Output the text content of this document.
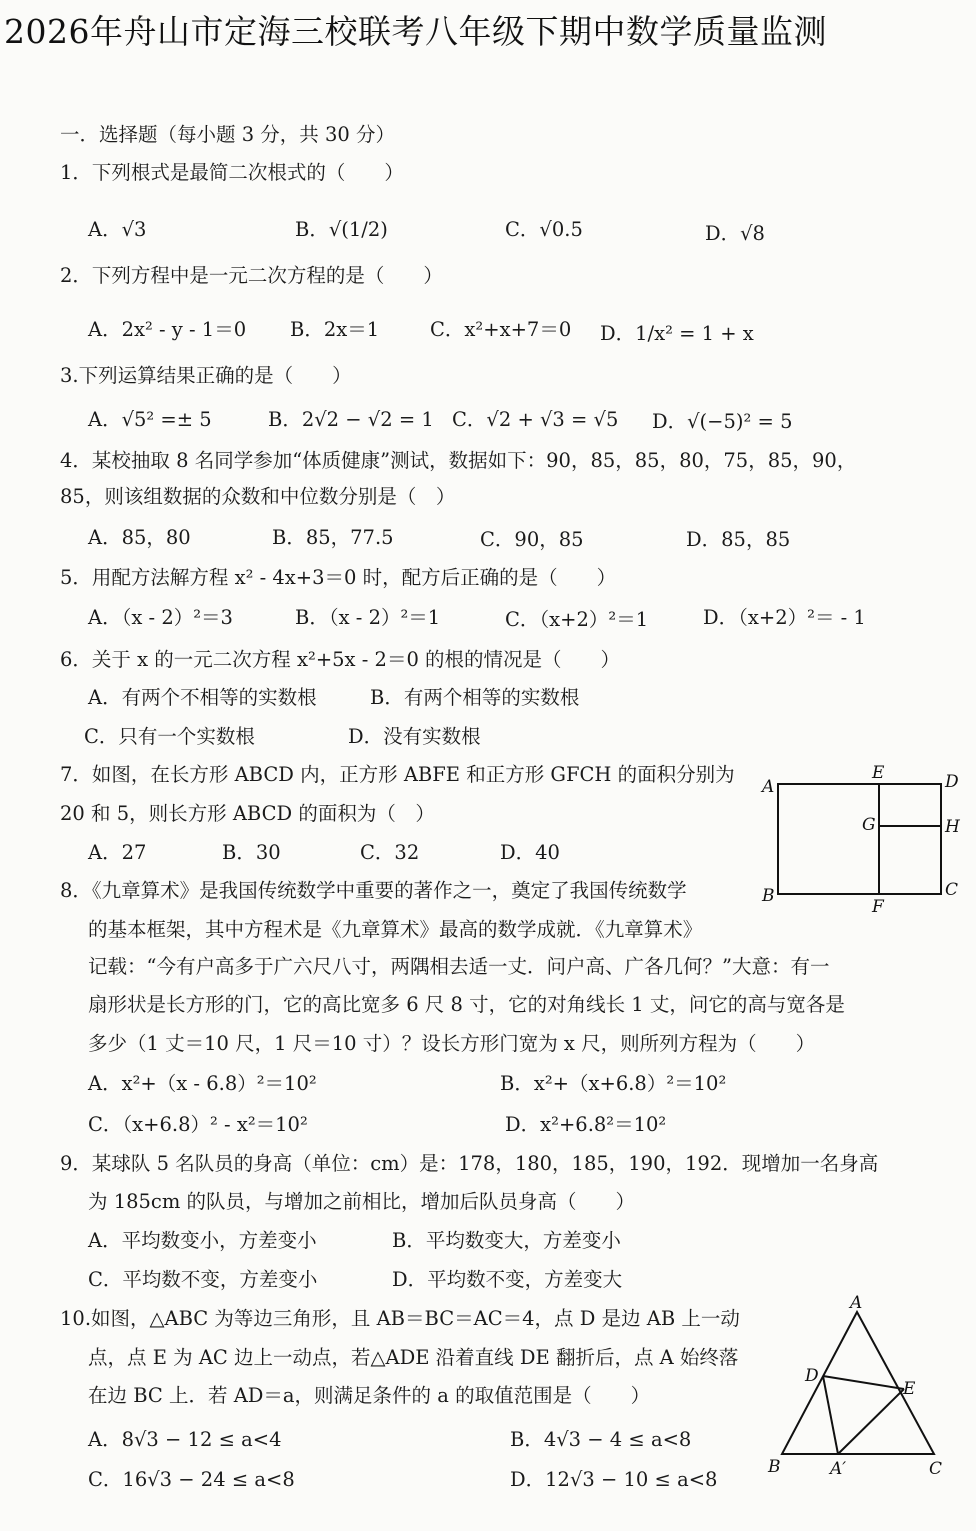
2026年舟山市定海三校联考八年级下期中数学质量监测
一．选择题（每小题 3 分，共 30 分）
1．下列根式是最简二次根式的（　　）
A．√3	B．√(1/2)	C．√0.5	D．√8
2．下列方程中是一元二次方程的是（　　）
A．2x² - y - 1＝0 B．2x＝1	C．x²+x+7＝0 D．1/x² = 1 + x
3.下列运算结果正确的是（　　）
A．√5² =± 5	B．2√2 − √2 = 1 C．√2 + √3 = √5 D．√(−5)² = 5
4．某校抽取 8 名同学参加“体质健康”测试，数据如下：90，85，85，80，75，85，90，
85，则该组数据的众数和中位数分别是（　）
A．85，80	B．85，77.5	C．90，85	D．85，85
5．用配方法解方程 x² - 4x+3＝0 时，配方后正确的是（　　）
A．（x - 2）²＝3	B．（x - 2）²＝1	C．（x+2）²＝1	D．（x+2）²＝ - 1
6．关于 x 的一元二次方程 x²+5x - 2＝0 的根的情况是（　　）
A．有两个不相等的实数根	B．有两个相等的实数根
C．只有一个实数根	D．没有实数根
7．如图，在长方形 ABCD 内，正方形 ABFE 和正方形 GFCH 的面积分别为
20 和 5，则长方形 ABCD 的面积为（　）
A．27	B．30	C．32	D．40
A
B	C
D
E
F
G	H
8．《九章算术》是我国传统数学中重要的著作之一，奠定了我国传统数学
的基本框架，其中方程术是《九章算术》最高的数学成就．《九章算术》
记载：“今有户高多于广六尺八寸，两隅相去适一丈．问户高、广各几何？”大意：有一
扇形状是长方形的门，它的高比宽多 6 尺 8 寸，它的对角线长 1 丈，问它的高与宽各是
多少（1 丈＝10 尺，1 尺＝10 寸）？设长方形门宽为 x 尺，则所列方程为（　　）
A．x²+（x - 6.8）²＝10²	B．x²+（x+6.8）²＝10²
C．（x+6.8）² - x²＝10²	D．x²+6.8²＝10²
9．某球队 5 名队员的身高（单位：cm）是：178，180，185，190，192．现增加一名身高
为 185cm 的队员，与增加之前相比，增加后队员身高（　　）
A．平均数变小，方差变小	B．平均数变大，方差变小
C．平均数不变，方差变小	D．平均数不变，方差变大
10.如图，△ABC 为等边三角形，且 AB＝BC＝AC＝4，点 D 是边 AB 上一动
点，点 E 为 AC 边上一动点，若△ADE 沿着直线 DE 翻折后，点 A 始终落
在边 BC 上．若 AD＝a，则满足条件的 a 的取值范围是（　　）
A．8√3 − 12 ≤ a<4	B．4√3 − 4 ≤ a<8
C．16√3 − 24 ≤ a<8	D．12√3 − 10 ≤ a<8
A
B	C
D
E
A′
